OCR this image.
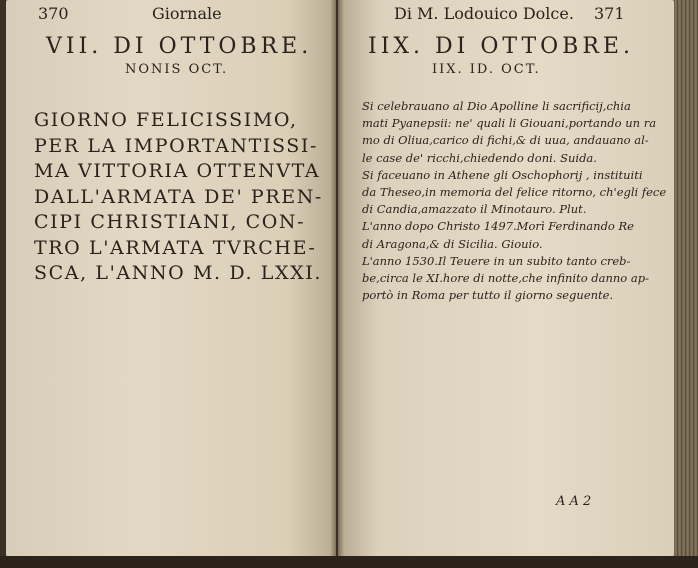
370	Giornale	Di M. Lodouico Dolce. 371
VII. DI OTTOBRE.
NONIS OCT.
IIX. DI OTTOBRE.
IIX. ID. OCT.
GIORNO FELICISSIMO,
PER LA IMPORTANTISSI-
MA VITTORIA OTTENVTA
DALL'ARMATA DE' PREN-
CIPI CHRISTIANI, CON-
TRO L'ARMATA TVRCHE-
SCA, L'ANNO M. D. LXXI.
Si celebrauano al Dio Apolline li sacrificij,chia
mati Pyanepsii: ne' quali li Giouani,portando un ra
mo di Oliua,carico di fichi,& di uua, andauano al-
le case de' ricchi,chiedendo doni. Suida.
Si faceuano in Athene gli Oschophorij , instituiti
da Theseo,in memoria del felice ritorno, ch'egli fece
di Candia,amazzato il Minotauro. Plut.
L'anno dopo Christo 1497.Morì Ferdinando Re
di Aragona,& di Sicilia. Giouio.
L'anno 1530.Il Teuere in un subito tanto creb-
be,circa le XI.hore di notte,che infinito danno ap-
portò in Roma per tutto il giorno seguente.
A A 2
